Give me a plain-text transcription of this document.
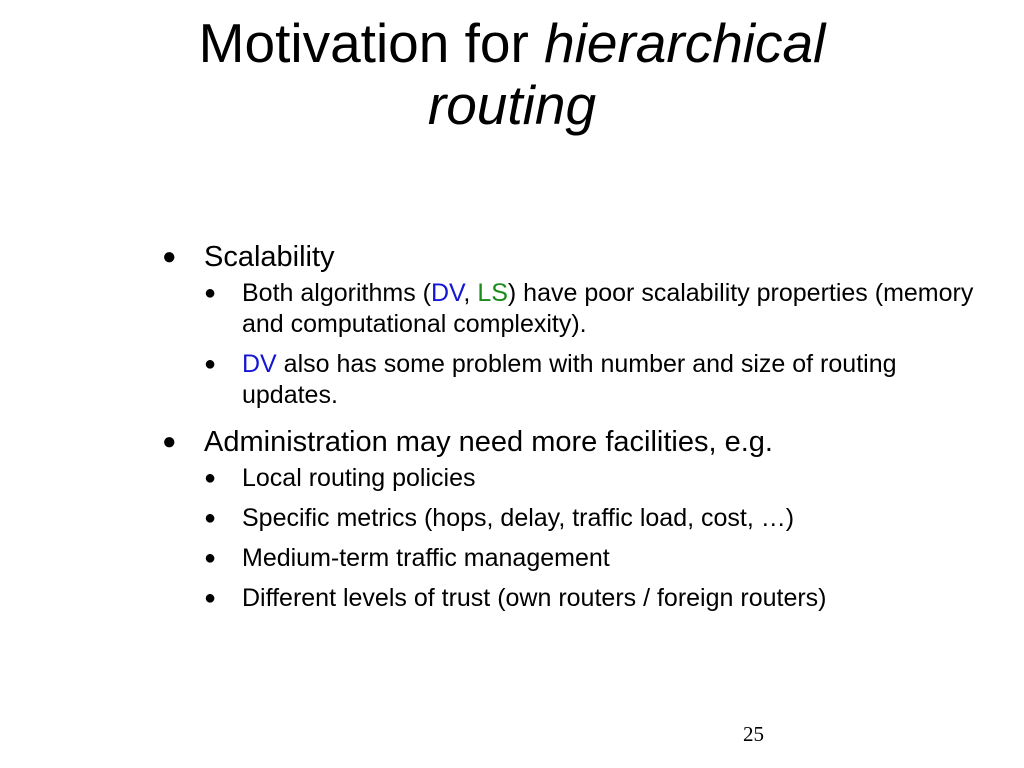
Motivation for hierarchical
routing
● Scalability
● Both algorithms (DV, LS) have poor scalability properties (memory and computational complexity).
● DV also has some problem with number and size of routing updates.
● Administration may need more facilities, e.g.
● Local routing policies
● Specific metrics (hops, delay, traffic load, cost, …)
● Medium-term traffic management
● Different levels of trust (own routers / foreign routers)
25
